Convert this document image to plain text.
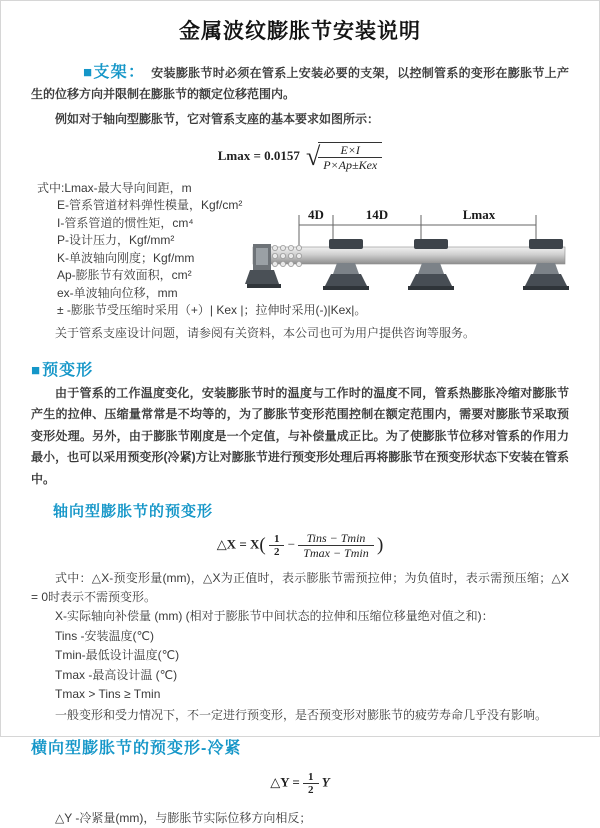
金属波纹膨胀节安装说明

■支架： 安装膨胀节时必须在管系上安装必要的支架，以控制管系的变形在膨胀节上产生的位移方向并限制在膨胀节的额定位移范围内。

例如对于轴向型膨胀节，它对管系支座的基本要求如图所示：

Lmax = 0.0157 √
$\frac{E\times I}{\text{P×Ap±Kex}}$

式中:Lmax-最大导向间距，m

E-管系管道材料弹性模量，Kgf/cm²

I-管系管道的惯性矩，cm⁴

P-设计压力，Kgf/mm²

K-单波轴向刚度；Kgf/mm

Ap-膨胀节有效面积，cm²

ex-单波轴向位移，mm

± -膨胀节受压缩时采用（+）| Kex |；拉伸时采用(-)|Kex|。

4D	14D	Lmax

关于管系支座设计问题，请参阅有关资料，本公司也可为用户提供咨询等服务。

■预变形

由于管系的工作温度变化，安装膨胀节时的温度与工作时的温度不同，管系热膨胀冷缩对膨胀节产生的拉伸、压缩量常常是不均等的，为了膨胀节变形范围控制在额定范围内，需要对膨胀节采取预变形处理。另外，由于膨胀节刚度是一个定值，与补偿量成正比。为了使膨胀节位移对管系的作用力最小，也可以采用预变形(冷紧)方让对膨胀节进行预变形处理后再将膨胀节在预变形状态下安装在管系中。

轴向型膨胀节的预变形
△X = $X( \frac{1}{2} - \frac{\text{Tins − Tmin}}{Tmax - Tmin}$ )

式中：△X-预变形量(mm)，△X为正值时，表示膨胀节需预拉伸；为负值时，表示需预压缩；△X = 0时表示不需预变形。

X-实际轴向补偿量 (mm) (相对于膨胀节中间状态的拉伸和压缩位移量绝对值之和)：

Tins -安装温度(℃)

Tmin-最低设计温度(℃)

Tmax -最高设计温 (℃)

Tmax > Tins ≥ Tmin

一般变形和受力情况下，不一定进行预变形，是否预变形对膨胀节的疲劳寿命几乎没有影响。

横向型膨胀节的预变形-冷紧
△Y = $\frac{1}{2}$ Y

△Y -冷紧量(mm)，与膨胀节实际位移方向相反；
